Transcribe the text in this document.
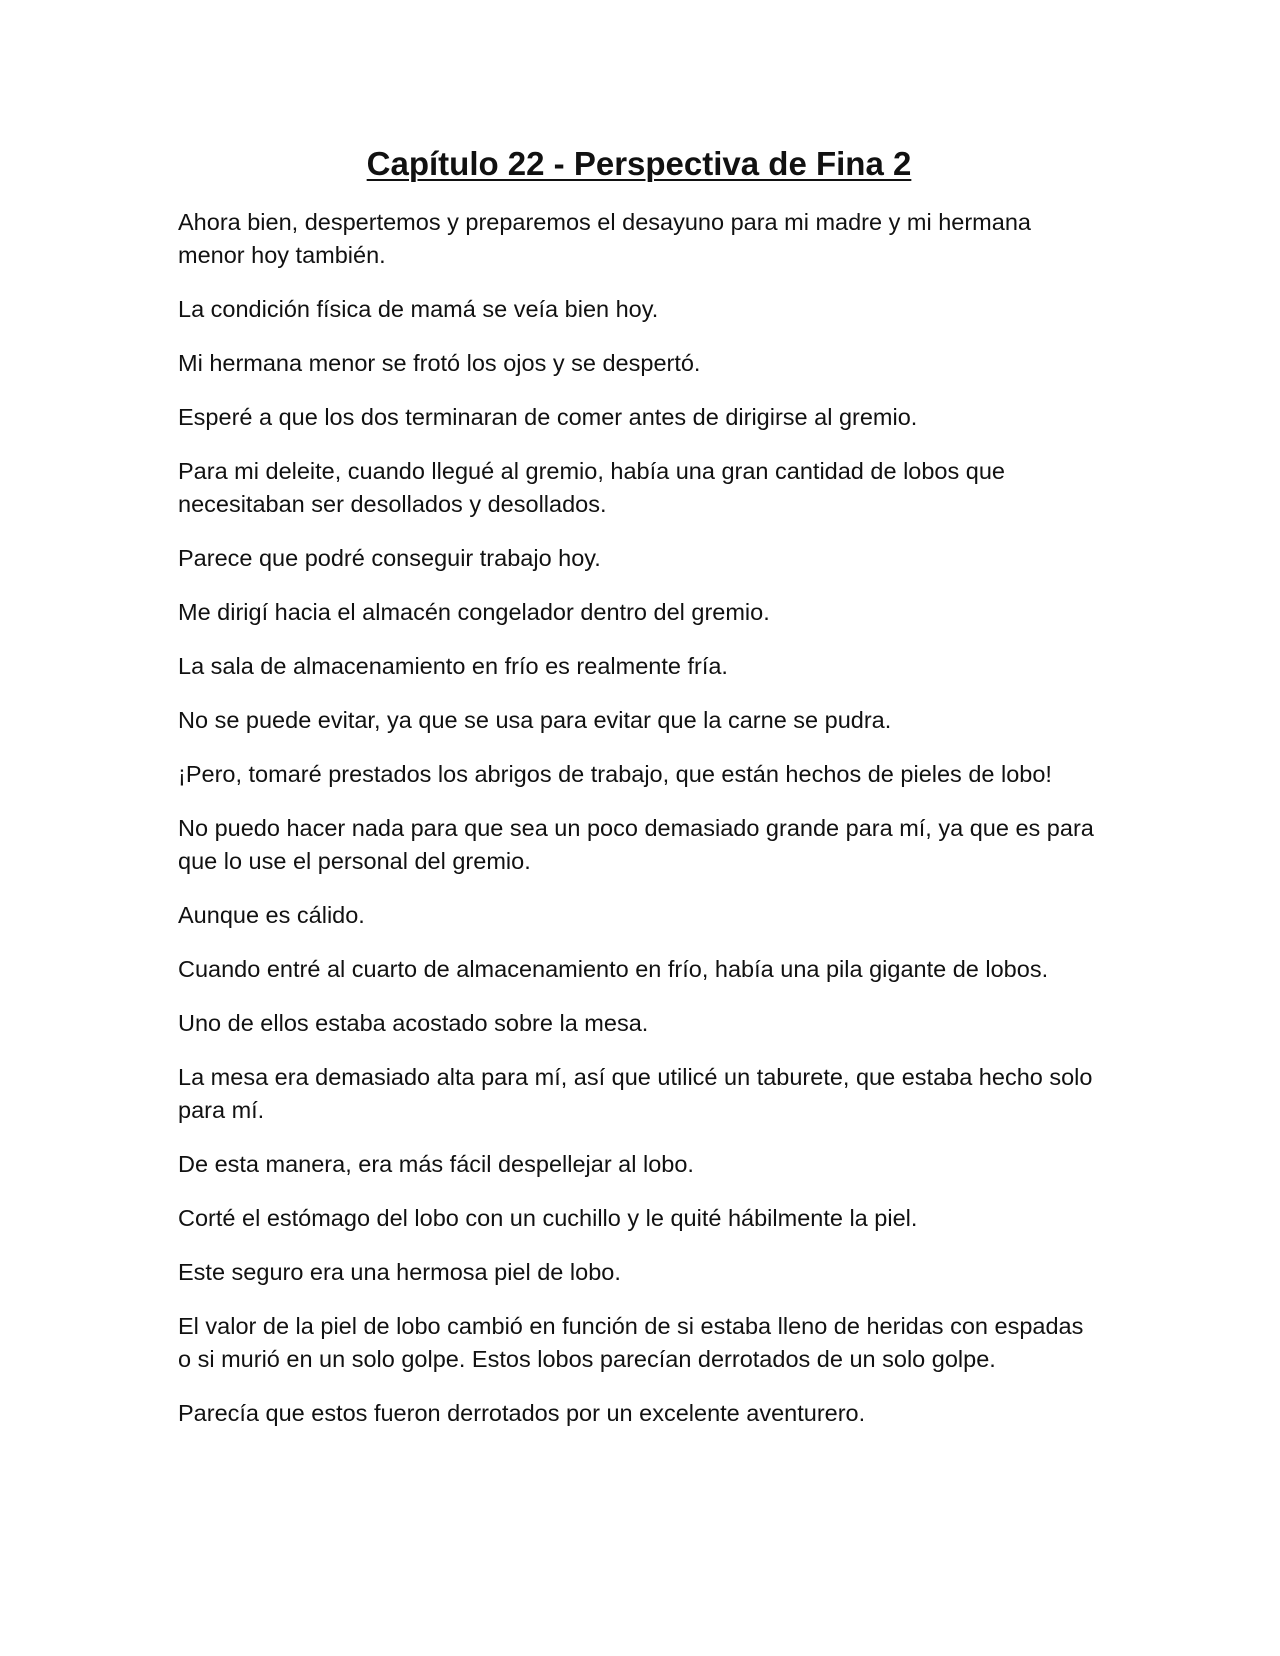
Capítulo 22 - Perspectiva de Fina 2

Ahora bien, despertemos y preparemos el desayuno para mi madre y mi hermana menor hoy también.

La condición física de mamá se veía bien hoy.

Mi hermana menor se frotó los ojos y se despertó.

Esperé a que los dos terminaran de comer antes de dirigirse al gremio.

Para mi deleite, cuando llegué al gremio, había una gran cantidad de lobos que necesitaban ser desollados y desollados.

Parece que podré conseguir trabajo hoy.

Me dirigí hacia el almacén congelador dentro del gremio.

La sala de almacenamiento en frío es realmente fría.

No se puede evitar, ya que se usa para evitar que la carne se pudra.

¡Pero, tomaré prestados los abrigos de trabajo, que están hechos de pieles de lobo!

No puedo hacer nada para que sea un poco demasiado grande para mí, ya que es para que lo use el personal del gremio.

Aunque es cálido.

Cuando entré al cuarto de almacenamiento en frío, había una pila gigante de lobos.

Uno de ellos estaba acostado sobre la mesa.

La mesa era demasiado alta para mí, así que utilicé un taburete, que estaba hecho solo para mí.

De esta manera, era más fácil despellejar al lobo.

Corté el estómago del lobo con un cuchillo y le quité hábilmente la piel.

Este seguro era una hermosa piel de lobo.

El valor de la piel de lobo cambió en función de si estaba lleno de heridas con espadas o si murió en un solo golpe. Estos lobos parecían derrotados de un solo golpe.

Parecía que estos fueron derrotados por un excelente aventurero.
